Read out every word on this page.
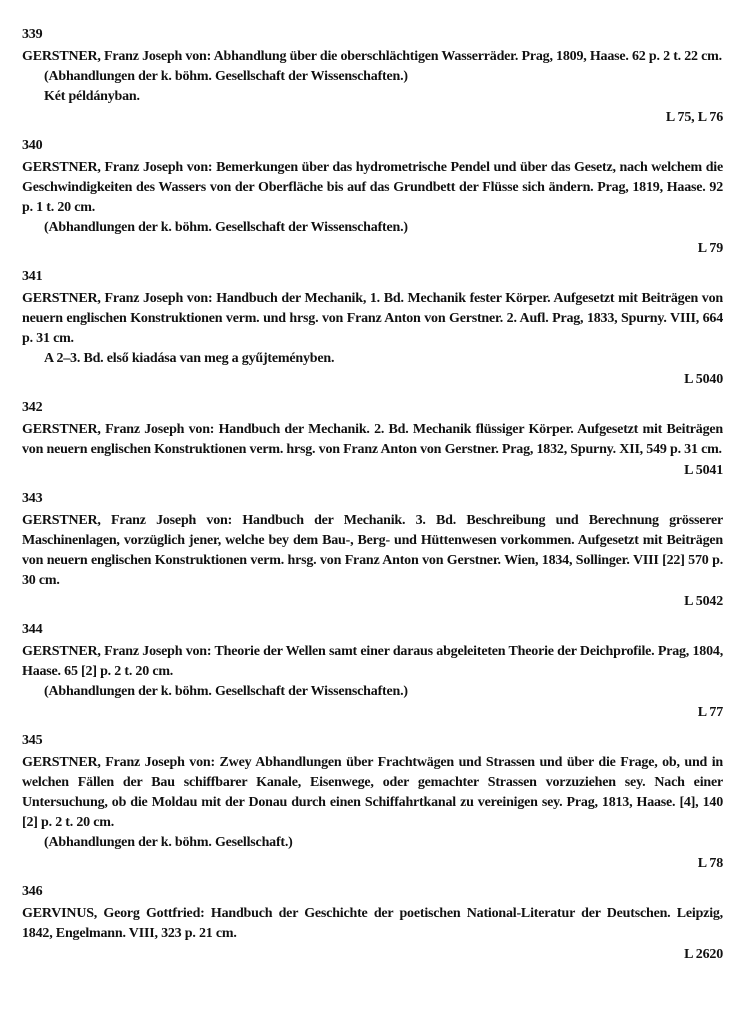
339
GERSTNER, Franz Joseph von: Abhandlung über die oberschlächtigen Wasserräder. Prag, 1809, Haase. 62 p. 2 t. 22 cm.
(Abhandlungen der k. böhm. Gesellschaft der Wissenschaften.)
Két példányban.
L 75, L 76
340
GERSTNER, Franz Joseph von: Bemerkungen über das hydrometrische Pendel und über das Gesetz, nach welchem die Geschwindigkeiten des Wassers von der Oberfläche bis auf das Grundbett der Flüsse sich ändern. Prag, 1819, Haase. 92 p. 1 t. 20 cm.
(Abhandlungen der k. böhm. Gesellschaft der Wissenschaften.)
L 79
341
GERSTNER, Franz Joseph von: Handbuch der Mechanik, 1. Bd. Mechanik fester Körper. Aufgesetzt mit Beiträgen von neuern englischen Konstruktionen verm. und hrsg. von Franz Anton von Gerstner. 2. Aufl. Prag, 1833, Spurny. VIII, 664 p. 31 cm.
A 2–3. Bd. első kiadása van meg a gyűjteményben.
L 5040
342
GERSTNER, Franz Joseph von: Handbuch der Mechanik. 2. Bd. Mechanik flüssiger Körper. Aufgesetzt mit Beiträgen von neuern englischen Konstruktionen verm. hrsg. von Franz Anton von Gerstner. Prag, 1832, Spurny. XII, 549 p. 31 cm.
L 5041
343
GERSTNER, Franz Joseph von: Handbuch der Mechanik. 3. Bd. Beschreibung und Berechnung grösserer Maschinenlagen, vorzüglich jener, welche bey dem Bau-, Berg- und Hüttenwesen vorkommen. Aufgesetzt mit Beiträgen von neuern englischen Konstruktionen verm. hrsg. von Franz Anton von Gerstner. Wien, 1834, Sollinger. VIII [22] 570 p. 30 cm.
L 5042
344
GERSTNER, Franz Joseph von: Theorie der Wellen samt einer daraus abgeleiteten Theorie der Deichprofile. Prag, 1804, Haase. 65 [2] p. 2 t. 20 cm.
(Abhandlungen der k. böhm. Gesellschaft der Wissenschaften.)
L 77
345
GERSTNER, Franz Joseph von: Zwey Abhandlungen über Frachtwägen und Strassen und über die Frage, ob, und in welchen Fällen der Bau schiffbarer Kanale, Eisenwege, oder gemachter Strassen vorzuziehen sey. Nach einer Untersuchung, ob die Moldau mit der Donau durch einen Schiffahrtkanal zu vereinigen sey. Prag, 1813, Haase. [4], 140 [2] p. 2 t. 20 cm.
(Abhandlungen der k. böhm. Gesellschaft.)
L 78
346
GERVINUS, Georg Gottfried: Handbuch der Geschichte der poetischen National-Literatur der Deutschen. Leipzig, 1842, Engelmann. VIII, 323 p. 21 cm.
L 2620
